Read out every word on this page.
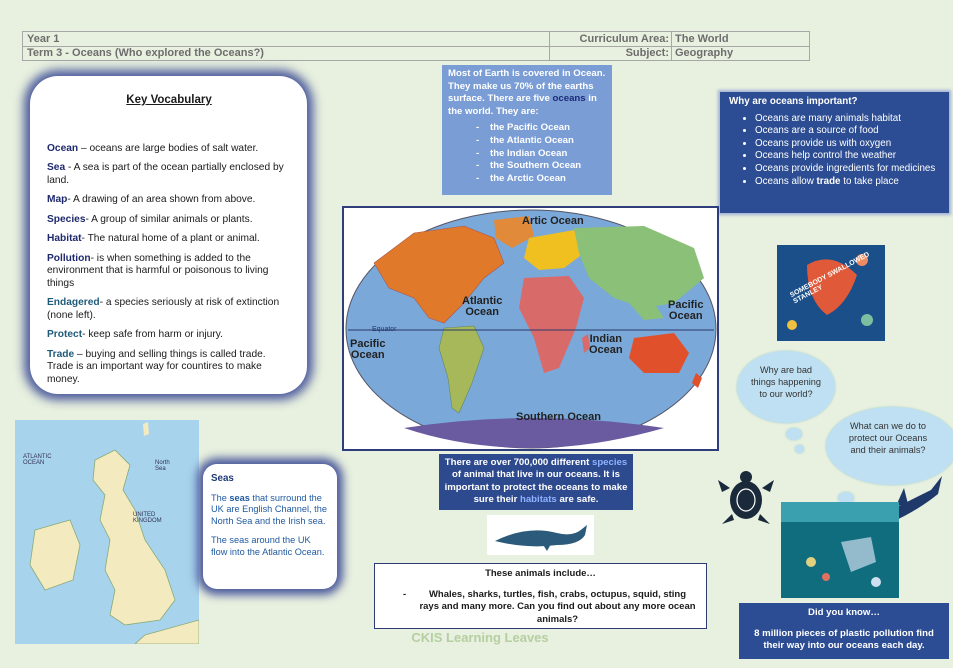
Year 1	Curriculum Area: The World
Term 3 - Oceans (Who explored the Oceans?)	Subject: Geography
Key Vocabulary

Ocean – oceans are large bodies of salt water.

Sea - A sea is part of the ocean partially enclosed by land.

Map- A drawing of an area shown from above.

Species- A group of similar animals or plants.

Habitat- The natural home of a plant or animal.

Pollution- is when something is added to the environment that is harmful or poisonous to living things

Endagered- a species seriously at risk of extinction (none left).

Protect- keep safe from harm or injury.

Trade – buying and selling things is called trade. Trade is an important way for countires to make money.

Most of Earth is covered in Ocean. They make us 70% of the earths surface. There are five oceans in the world. They are:
- the Pacific Ocean
- the Atlantic Ocean
- the Indian Ocean
- the Southern Ocean
- the Arctic Ocean
Why are oceans important?
• Oceans are many animals habitat
• Oceans are a source of food
• Oceans provide us with oxygen
• Oceans help control the weather
• Oceans provide ingredients for medicines
• Oceans allow trade to take place
Artic Ocean
Atlantic
Ocean
Pacific
Ocean
Pacific
Ocean
Indian
Ocean
Southern Ocean
Equator
There are over 700,000 different species of animal that live in our oceans. It is important to protect the oceans to make sure their habitats are safe.
These animals include…
- Whales, sharks, turtles, fish, crabs, octupus, squid, sting rays and many more. Can you find out about any more ocean animals?
CKIS Learning Leaves
ATLANTIC
OCEAN	North
Sea
UNITED
KINGDOM
Seas

The seas that surround the UK are English Channel, the North Sea and the Irish sea.

The seas around the UK flow into the Atlantic Ocean.

SOMEBODY SWALLOWED STANLEY
Why are bad things happening to our world?
What can we do to protect our Oceans and their animals?
Did you know…
8 million pieces of plastic pollution find their way into our oceans each day.
